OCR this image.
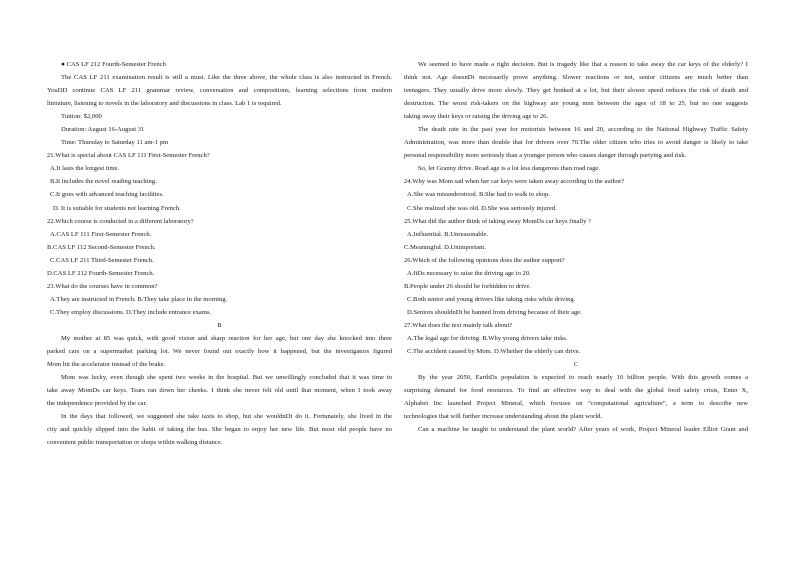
● CAS LF 212 Fourth-Semester French
The CAS LF 211 examination result is still a must. Like the three above, the whole class is also instructed in French.
YouDD continue CAS LF 211 grammar review, conversation and compositions, learning selections from modern
literature, listening to novels in the laboratory and discussions in class. Lab 1 is required.
Tuition: $2,000
Duration: August 16-August 31
Time: Thursday to Saturday 11 am-1 pm
21.What is special about CAS LF 111 First-Semester French?
A.It lasts the longest time.
B.It includes the novel reading teaching.
C.It goes with advanced teaching facilities.
D. It is suitable for students not learning French.
22.Which course is conducted in a different laboratory?
A.CAS LF 111 First-Semester French.
B.CAS LF 112 Second-Semester French.
C.CAS LF 211 Third-Semester French.
D.CAS LF 212 Fourth-Semester French.
23.What do the courses have in common?
A.They are instructed in French. B.They take place in the morning.
C.They employ discussions. D.They include entrance exams.
B
My mother at 85 was quick, with good vision and sharp reaction for her age, but one day she knocked into three
parked cars on a supermarket parking lot. We never found out exactly how it happened, but the investigators figured
Mom hit the accelerator instead of the brake.
Mom was lucky, even though she spent two weeks in the hospital. But we unwillingly concluded that it was time to
take away MomDs car keys. Tears ran down her cheeks. I think she never felt old until that moment, when I took away
the independence provided by the car.
In the days that followed, we suggested she take taxis to shop, but she wouldnDt do it. Fortunately, she lived in the
city and quickly slipped into the habit of taking the bus. She began to enjoy her new life. But most old people have no
convenient public transportation or shops within walking distance.
We seemed to have made a right decision. But is tragedy like that a reason to take away the car keys of the elderly? I
think not. Age doesnDt necessarily prove anything. Slower reactions or not, senior citizens are much better than
teenagers. They usually drive more slowly. They get honked at a lot, but their slower speed reduces the risk of death and
destruction. The worst risk-takers on the highway are young men between the ages of 18 to 25, but no one suggests
taking away their keys or raising the driving age to 26.
The death rate in the past year for motorists between 16 and 20, according to the National Highway Traffic Safety
Administration, was more than double that for drivers over 70.The older citizen who tries to avoid danger is likely to take
personal responsibility more seriously than a younger person who causes danger through partying and risk.
So, let Granny drive. Road age is a lot less dangerous than road rage.
24.Why was Mom sad when her car keys were taken away according to the author?
A.She was misunderstood. B.She had to walk to shop.
C.She realized she was old. D.She was seriously injured.
25.What did the author think of taking away MomDs car keys finally ?
A.Influential. B.Unreasonable.
C.Meaningful. D.Unimportant.
26.Which of the following opinions does the author support?
A.ItDs necessary to raise the driving age to 20.
B.People under 26 should be forbidden to drive.
C.Both senior and young drivers like taking risks while driving.
D.Seniors shouldnDt be banned from driving because of their age.
27.What does the text mainly talk about?
A.The legal age for driving. B.Why young drivers take risks.
C.The accident caused by Mom. D.Whether the elderly can drive.
C
By the year 2050, EarthDs population is expected to reach nearly 10 billion people. With this growth comes a
surprising demand for food resources. To find an effective way to deal with the global food safety crisis, Enter X,
Alphabet Inc launched Project Mineral, which focuses on “computational agriculture”, a term to describe new
technologies that will further increase understanding about the plant world.
Can a machine be taught to understand the plant world? After years of work, Project Mineral leader Elliot Grant and
